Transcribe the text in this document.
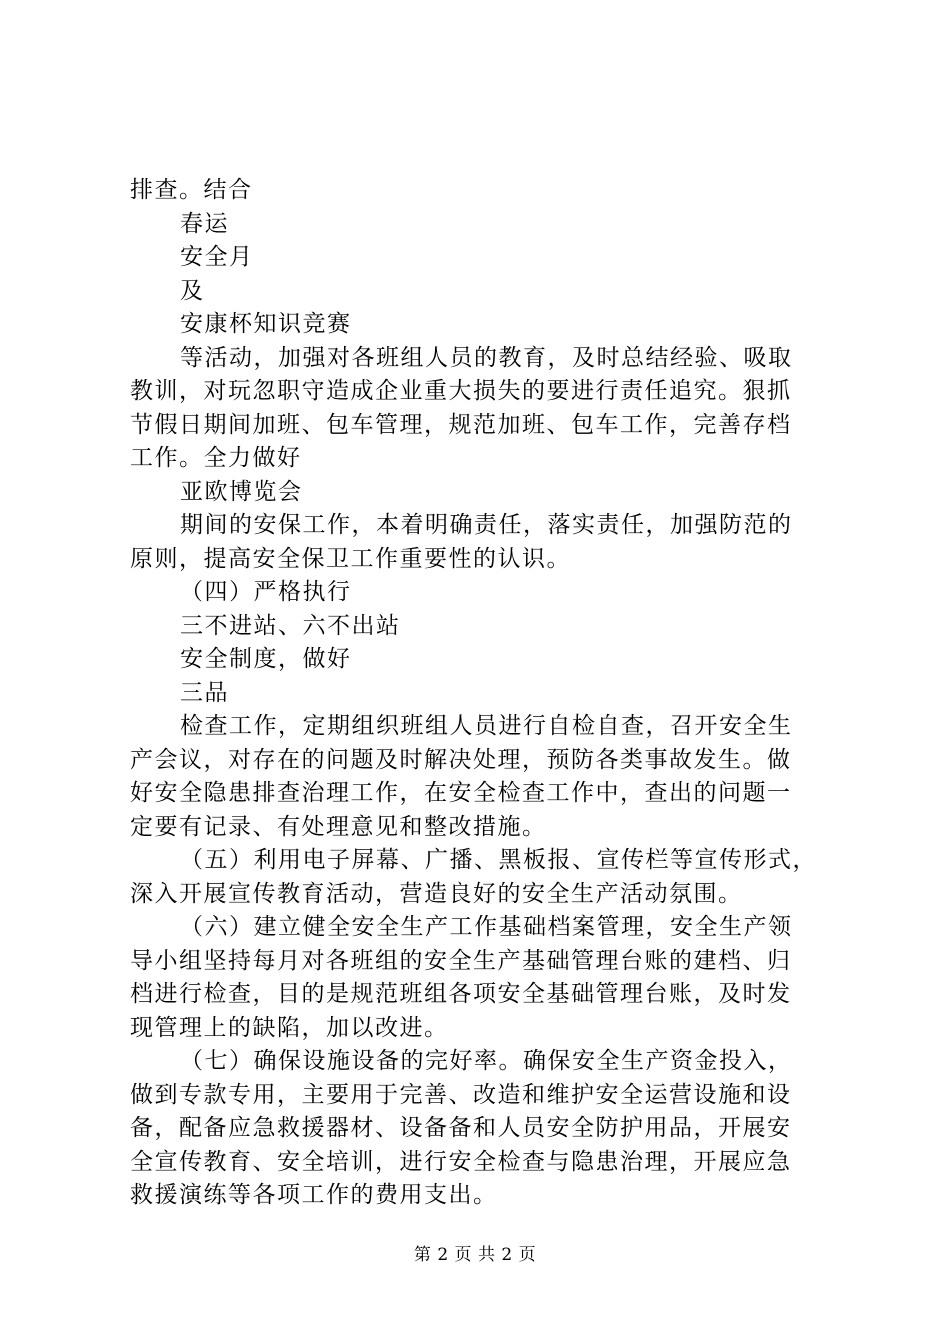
排查。结合
春运
安全月
及
安康杯知识竞赛
等活动，加强对各班组人员的教育，及时总结经验、吸取
教训，对玩忽职守造成企业重大损失的要进行责任追究。狠抓
节假日期间加班、包车管理，规范加班、包车工作，完善存档
工作。全力做好
亚欧博览会
期间的安保工作，本着明确责任，落实责任，加强防范的
原则，提高安全保卫工作重要性的认识。
（四）严格执行
三不进站、六不出站
安全制度，做好
三品
检查工作，定期组织班组人员进行自检自查，召开安全生
产会议，对存在的问题及时解决处理，预防各类事故发生。做
好安全隐患排查治理工作，在安全检查工作中，查出的问题一
定要有记录、有处理意见和整改措施。
（五）利用电子屏幕、广播、黑板报、宣传栏等宣传形式，
深入开展宣传教育活动，营造良好的安全生产活动氛围。
（六）建立健全安全生产工作基础档案管理，安全生产领
导小组坚持每月对各班组的安全生产基础管理台账的建档、归
档进行检查，目的是规范班组各项安全基础管理台账，及时发
现管理上的缺陷，加以改进。
（七）确保设施设备的完好率。确保安全生产资金投入，
做到专款专用，主要用于完善、改造和维护安全运营设施和设
备，配备应急救援器材、设备备和人员安全防护用品，开展安
全宣传教育、安全培训，进行安全检查与隐患治理，开展应急
救援演练等各项工作的费用支出。
第 2 页 共 2 页
